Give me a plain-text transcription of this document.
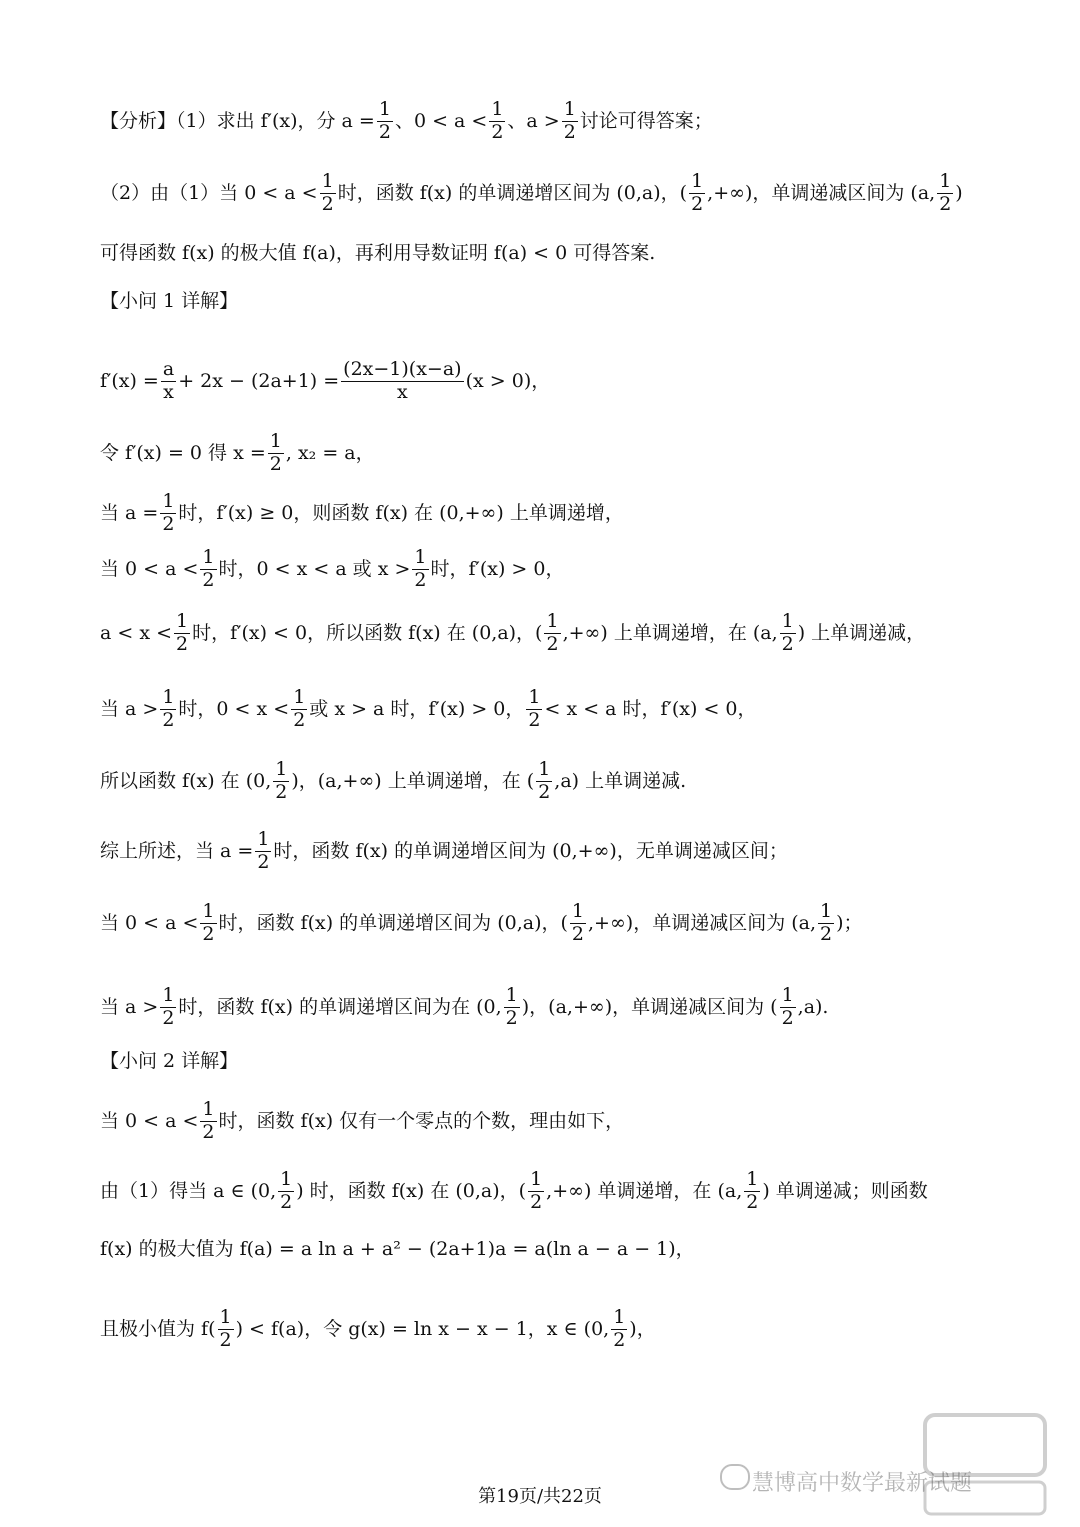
【分析】（1）求出 f′(x)，分 $a = \frac{1}{2}$ 、$0 < a < \frac{1}{2}$ 、$a > \frac{1}{2}$ 讨论可得答案；
（2）由（1）当 $0 < a < \frac{1}{2}$ 时，函数 f(x) 的单调递增区间为 (0,a)，( $\frac{1}{2}$ ,+∞)，单调递减区间为 (a, $\frac{1}{2}$ )
可得函数 f(x) 的极大值 f(a)，再利用导数证明 f(a) < 0 可得答案.
【小问 1 详解】
$f'(x) = \frac{a}{x} + 2x - (2a+1) = \frac{(2x-1)(x-a)}{x} (x > 0)$，
令 f′(x) = 0 得 $x = \frac{1}{2}$ , x₂ = a，
当 $a = \frac{1}{2}$ 时，f′(x) ≥ 0，则函数 f(x) 在 (0,+∞) 上单调递增，
当 $0 < a < \frac{1}{2}$ 时，0 < x < a 或 $x > \frac{1}{2}$ 时，f′(x) > 0，
$a < x < \frac{1}{2}$ 时，f′(x) < 0，所以函数 f(x) 在 (0,a)，( $\frac{1}{2}$ ,+∞) 上单调递增，在 (a, $\frac{1}{2}$ ) 上单调递减，
当 $a > \frac{1}{2}$ 时，$0 < x < \frac{1}{2}$ 或 x > a 时，f′(x) > 0， $\frac{1}{2} < x < a$ 时，f′(x) < 0，
所以函数 f(x) 在 (0, $\frac{1}{2}$ )，(a,+∞) 上单调递增，在 ( $\frac{1}{2} ,a$) 上单调递减.
综上所述，当 $a = \frac{1}{2}$ 时，函数 f(x) 的单调递增区间为 (0,+∞)，无单调递减区间；
当 $0 < a < \frac{1}{2}$ 时，函数 f(x) 的单调递增区间为 (0,a)，( $\frac{1}{2}$ ,+∞)，单调递减区间为 (a, $\frac{1}{2}$ )；
当 $a > \frac{1}{2}$ 时，函数 f(x) 的单调递增区间为在 (0, $\frac{1}{2}$ )，(a,+∞)，单调递减区间为 ( $\frac{1}{2} ,a$).
【小问 2 详解】
当 $0 < a < \frac{1}{2}$ 时，函数 f(x) 仅有一个零点的个数，理由如下，
由（1）得当 a ∈ (0, $\frac{1}{2}$ ) 时，函数 f(x) 在 (0,a)，( $\frac{1}{2}$ ,+∞) 单调递增，在 (a, $\frac{1}{2}$ ) 单调递减；则函数
f(x) 的极大值为 f(a) = a ln a + a² − (2a+1)a = a(ln a − a − 1)，
且极小值为 $f( \frac{1}{2}$ ) < f(a)，令 g(x) = ln x − x − 1，x ∈ (0, $\frac{1}{2}$ )，
第19页/共22页
慧博高中数学最新试题
